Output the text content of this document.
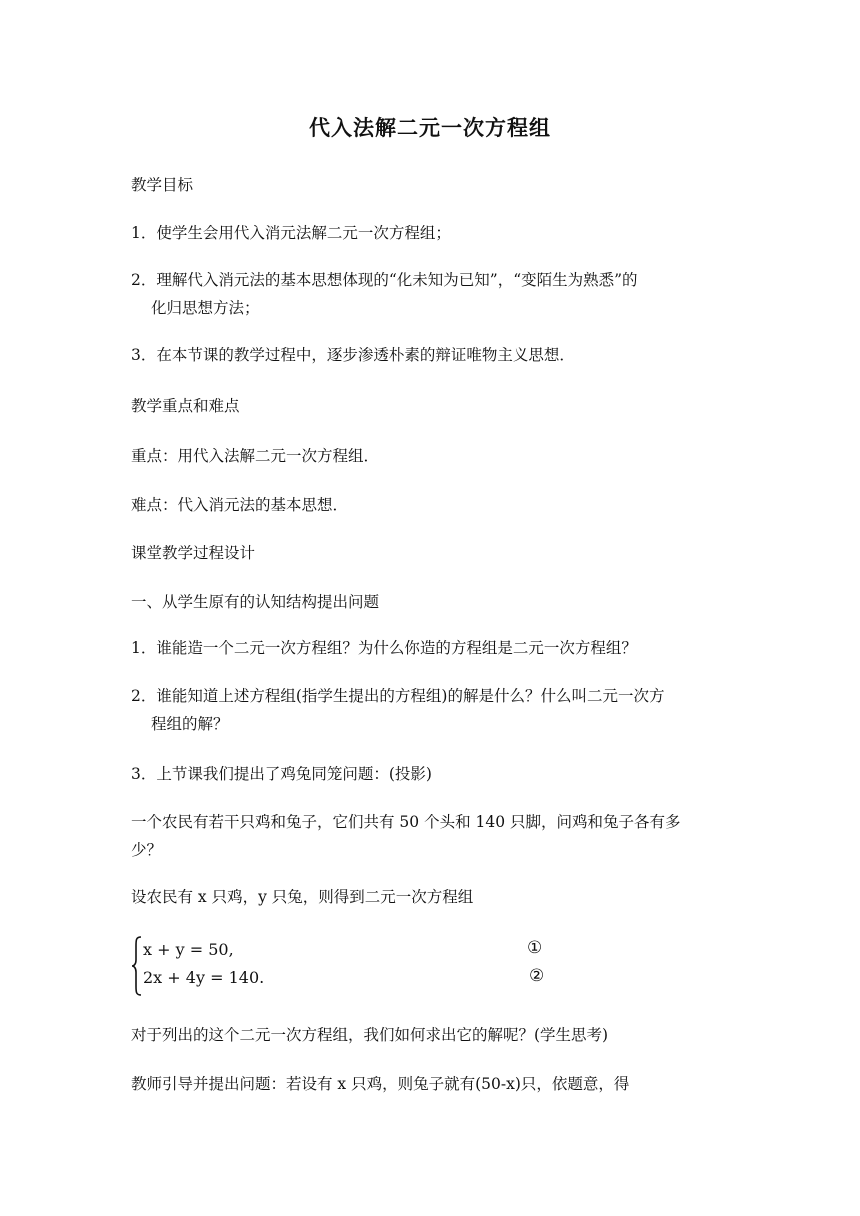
代入法解二元一次方程组
教学目标
1．使学生会用代入消元法解二元一次方程组；
2．理解代入消元法的基本思想体现的“化未知为已知”，“变陌生为熟悉”的
化归思想方法；
3．在本节课的教学过程中，逐步渗透朴素的辩证唯物主义思想．
教学重点和难点
重点：用代入法解二元一次方程组．
难点：代入消元法的基本思想．
课堂教学过程设计
一、从学生原有的认知结构提出问题
1．谁能造一个二元一次方程组？为什么你造的方程组是二元一次方程组？
2．谁能知道上述方程组(指学生提出的方程组)的解是什么？什么叫二元一次方
程组的解？
3．上节课我们提出了鸡兔同笼问题：(投影)
一个农民有若干只鸡和兔子，它们共有 50 个头和 140 只脚，问鸡和兔子各有多
少？
设农民有 x 只鸡，y 只兔，则得到二元一次方程组
x + y = 50,
2x + 4y = 140.
①
②
对于列出的这个二元一次方程组，我们如何求出它的解呢？(学生思考)
教师引导并提出问题：若设有 x 只鸡，则兔子就有(50-x)只，依题意，得
